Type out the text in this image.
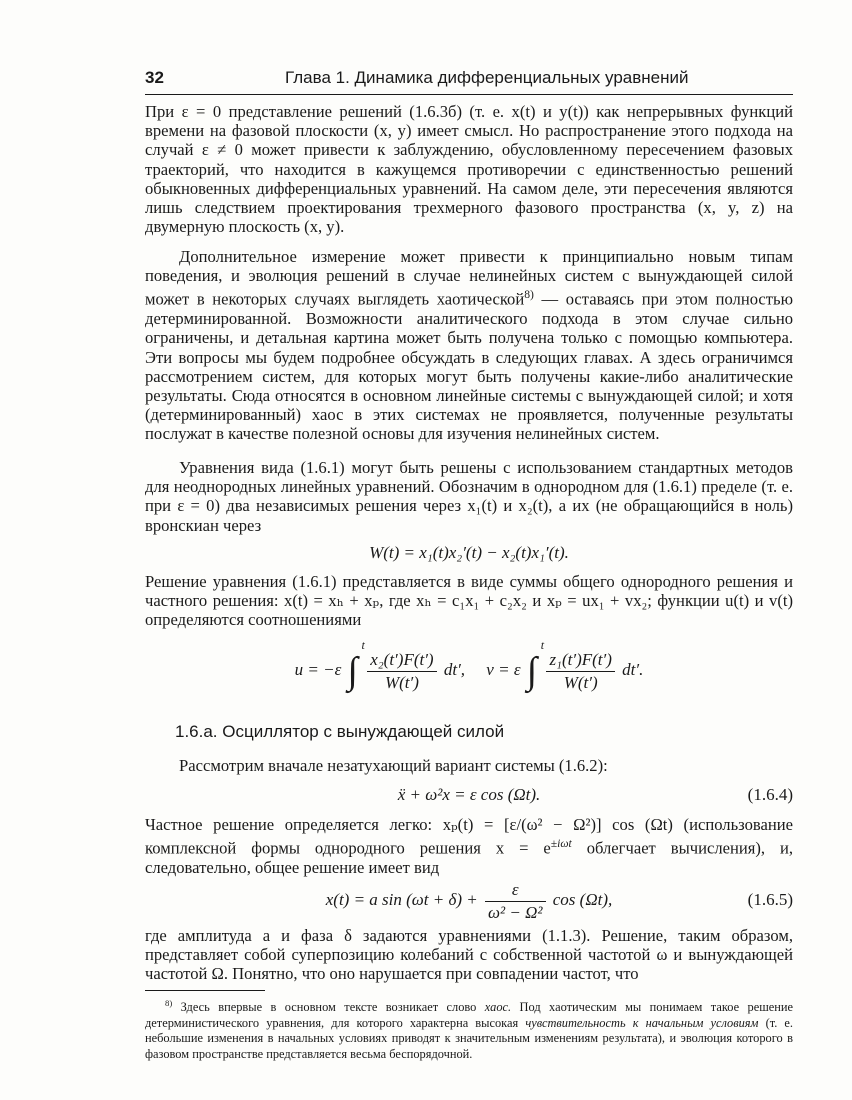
32	Глава 1. Динамика дифференциальных уравнений

При ε = 0 представление решений (1.6.3б) (т. е. x(t) и y(t)) как непрерывных функций времени на фазовой плоскости (x, y) имеет смысл. Но распространение этого подхода на случай ε ≠ 0 может привести к заблуждению, обусловленному пересечением фазовых траекторий, что находится в кажущемся противоречии с единственностью решений обыкновенных дифференциальных уравнений. На самом деле, эти пересечения являются лишь следствием проектирования трехмерного фазового пространства (x, y, z) на двумерную плоскость (x, y).

Дополнительное измерение может привести к принципиально новым типам поведения, и эволюция решений в случае нелинейных систем с вынуждающей силой может в некоторых случаях выглядеть хаотической$^{8)}$ — оставаясь при этом полностью детерминированной. Возможности аналитического подхода в этом случае сильно ограничены, и детальная картина может быть получена только с помощью компьютера. Эти вопросы мы будем подробнее обсуждать в следующих главах. А здесь ограничимся рассмотрением систем, для которых могут быть получены какие-либо аналитические результаты. Сюда относятся в основном линейные системы с вынуждающей силой; и хотя (детерминированный) хаос в этих системах не проявляется, полученные результаты послужат в качестве полезной основы для изучения нелинейных систем.

Уравнения вида (1.6.1) могут быть решены с использованием стандартных методов для неоднородных линейных уравнений. Обозначим в однородном для (1.6.1) пределе (т. е. при ε = 0) два независимых решения через x₁(t) и x₂(t), а их (не обращающийся в ноль) вронскиан через

W(t) = x₁(t)x₂′(t) − x₂(t)x₁′(t).

Решение уравнения (1.6.1) представляется в виде суммы общего однородного решения и частного решения: x(t) = xₕ + xₚ, где xₕ = c₁x₁ + c₂x₂ и xₚ = ux₁ + vx₂; функции u(t) и v(t) определяются соотношениями

u = −ε ∫
t

$\frac{\text{x₂(t′)F(t′)}}{W(t')} dt'$, v = ε ∫
t

$\frac{\text{z₁(t′)F(t′)}}{W(t')} dt'$.
1.6.а. Осциллятор с вынуждающей силой

Рассмотрим вначале незатухающий вариант системы (1.6.2):

ẍ + ω²x = ε cos (Ωt).	(1.6.4)

Частное решение определяется легко: xₚ(t) = [ε/(ω² − Ω²)] cos (Ωt) (использование комплексной формы однородного решения $x = e^{\pm i\omega t}$ облегчает вычисления), и, следовательно, общее решение имеет вид

x(t) = a $\sin (\omega t + \delta) + \frac{\varepsilon}{\text{ω² − Ω²}}$ cos (Ωt),	(1.6.5)

где амплитуда a и фаза δ задаются уравнениями (1.1.3). Решение, таким образом, представляет собой суперпозицию колебаний с собственной частотой ω и вынуждающей частотой Ω. Понятно, что оно нарушается при совпадении частот, что

$^{8)}$ Здесь впервые в основном тексте возникает слово хаос. Под хаотическим мы понимаем такое решение детерминистического уравнения, для которого характерна высокая чувствительность к начальным условиям (т. е. небольшие изменения в начальных условиях приводят к значительным изменениям результата), и эволюция которого в фазовом пространстве представляется весьма беспорядочной.
